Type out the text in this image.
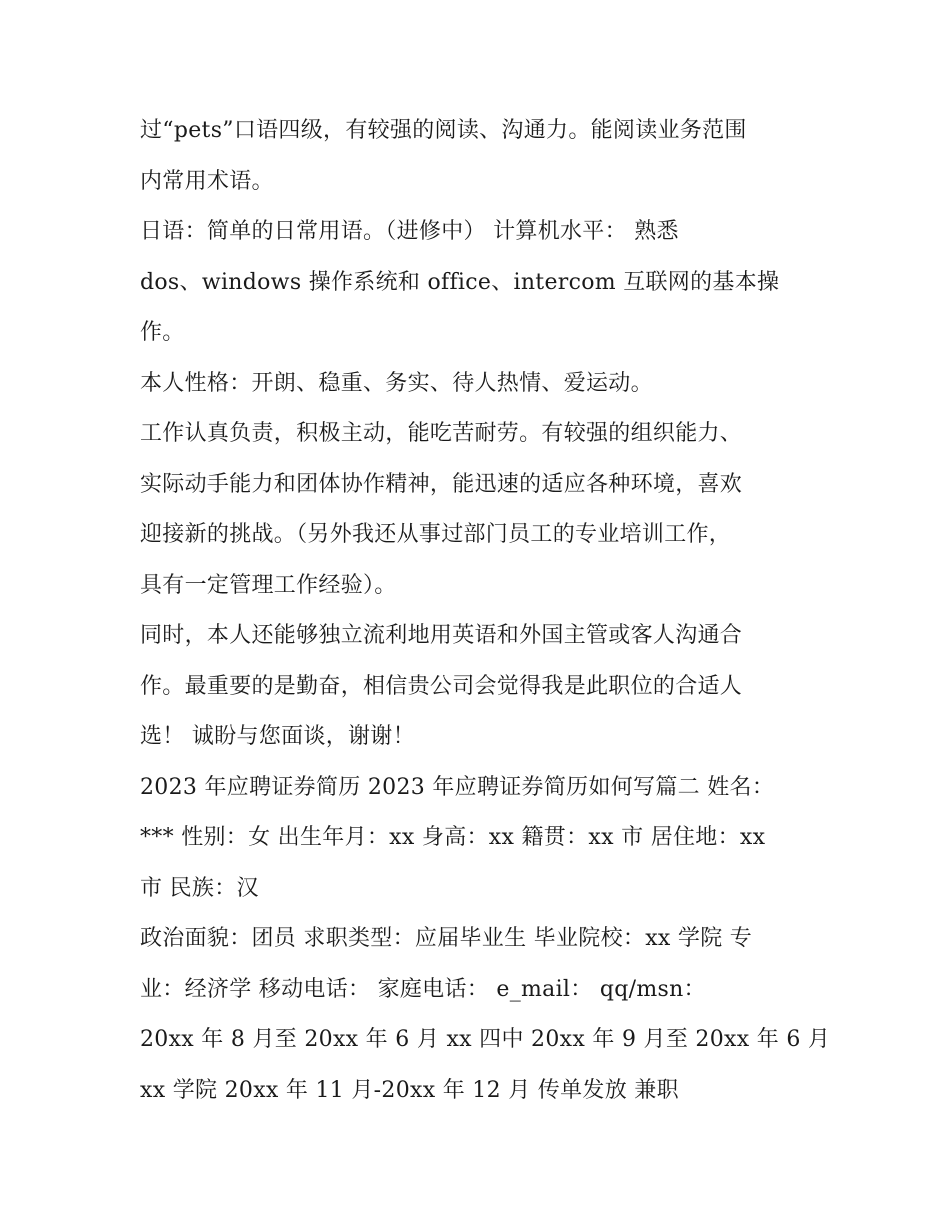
过“pets”口语四级，有较强的阅读、沟通力。能阅读业务范围
内常用术语。
日语：简单的日常用语。（进修中） 计算机水平： 熟悉
dos、windows 操作系统和 office、intercom 互联网的基本操
作。
本人性格：开朗、稳重、务实、待人热情、爱运动。
工作认真负责，积极主动，能吃苦耐劳。有较强的组织能力、
实际动手能力和团体协作精神，能迅速的适应各种环境，喜欢
迎接新的挑战。（另外我还从事过部门员工的专业培训工作，
具有一定管理工作经验）。
同时，本人还能够独立流利地用英语和外国主管或客人沟通合
作。最重要的是勤奋，相信贵公司会觉得我是此职位的合适人
选！ 诚盼与您面谈，谢谢！
2023 年应聘证券简历 2023 年应聘证券简历如何写篇二 姓名：
*** 性别：女 出生年月：xx 身高：xx 籍贯：xx 市 居住地：xx
市 民族：汉
政治面貌：团员 求职类型：应届毕业生 毕业院校：xx 学院 专
业：经济学 移动电话： 家庭电话： e_mail： qq/msn：
20xx 年 8 月至 20xx 年 6 月 xx 四中 20xx 年 9 月至 20xx 年 6 月
xx 学院 20xx 年 11 月-20xx 年 12 月 传单发放 兼职
